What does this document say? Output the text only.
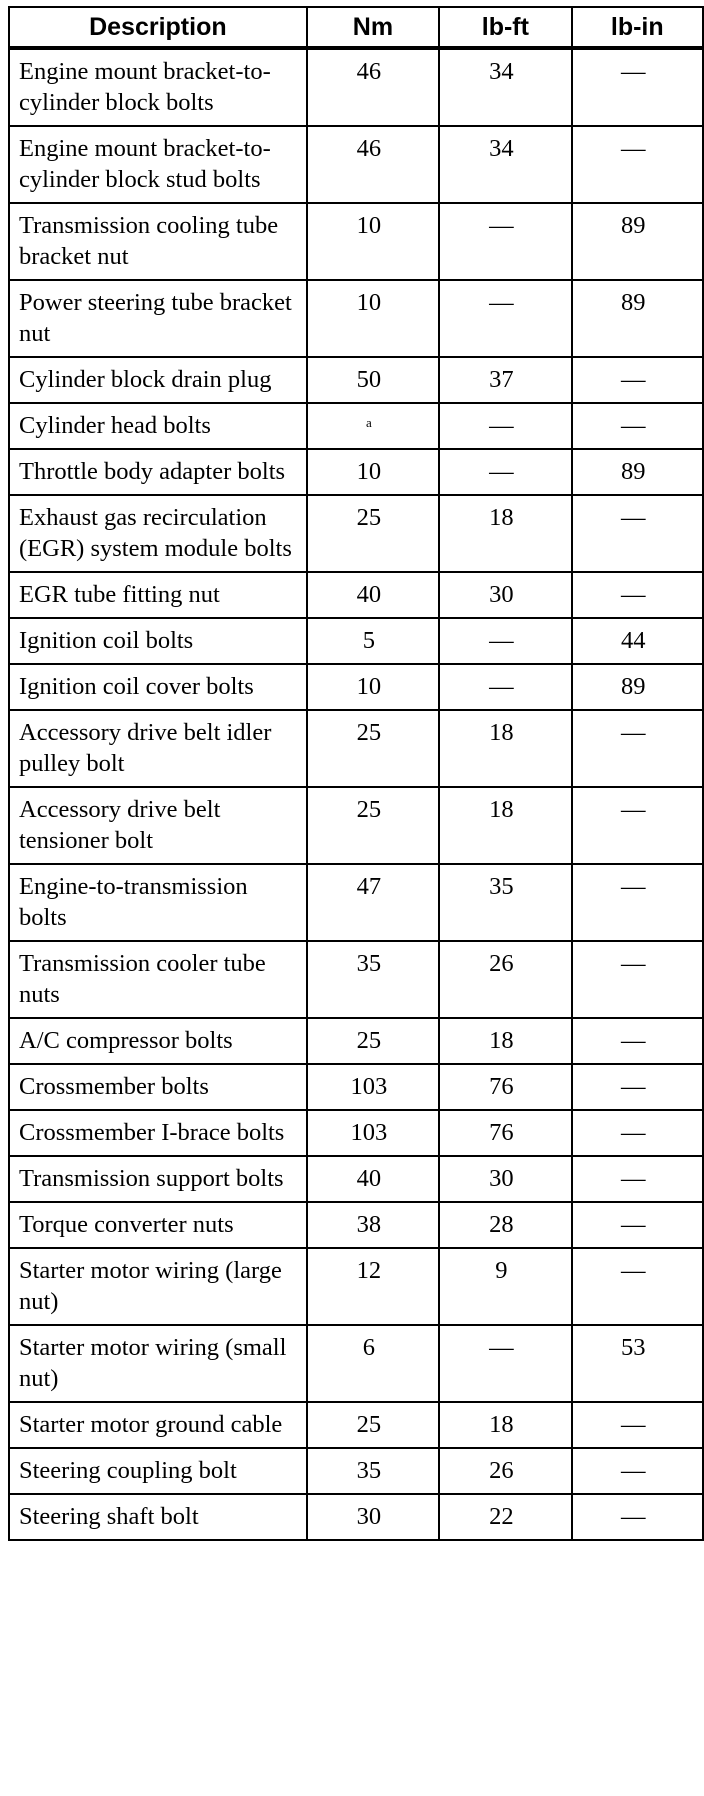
Description	Nm	lb-ft	lb-in
Engine mount bracket-to-cylinder block bolts	46	34	—
Engine mount bracket-to-cylinder block stud bolts	46	34	—
Transmission cooling tube bracket nut	10	—	89
Power steering tube bracket nut	10	—	89
Cylinder block drain plug	50	37	—
Cylinder head bolts	a	—	—
Throttle body adapter bolts	10	—	89
Exhaust gas recirculation (EGR) system module bolts	25	18	—
EGR tube fitting nut	40	30	—
Ignition coil bolts	5	—	44
Ignition coil cover bolts	10	—	89
Accessory drive belt idler pulley bolt	25	18	—
Accessory drive belt tensioner bolt	25	18	—
Engine-to-transmission bolts	47	35	—
Transmission cooler tube nuts	35	26	—
A/C compressor bolts	25	18	—
Crossmember bolts	103	76	—
Crossmember I-brace bolts	103	76	—
Transmission support bolts	40	30	—
Torque converter nuts	38	28	—
Starter motor wiring (large nut)	12	9	—
Starter motor wiring (small nut)	6	—	53
Starter motor ground cable	25	18	—
Steering coupling bolt	35	26	—
Steering shaft bolt	30	22	—
